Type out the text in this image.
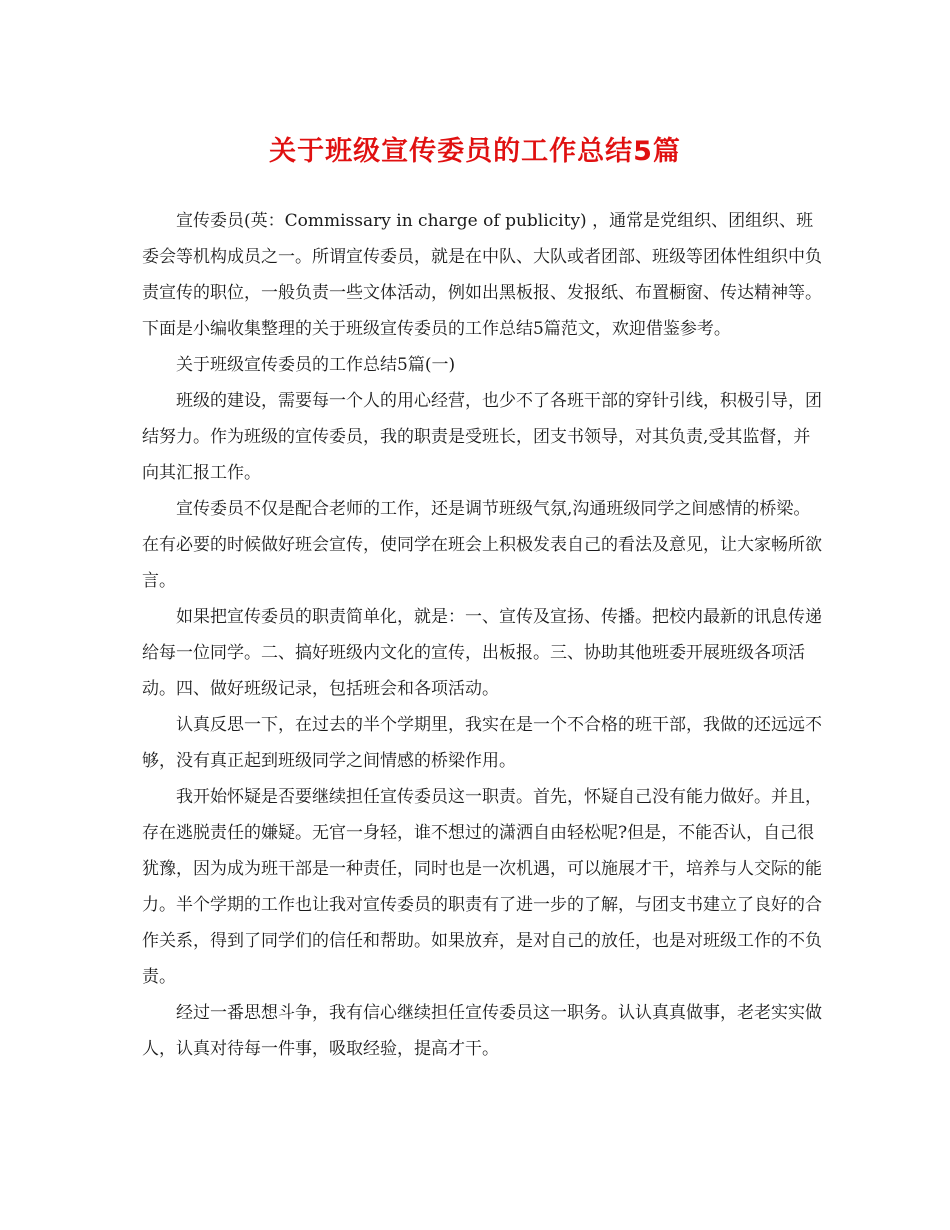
关于班级宣传委员的工作总结5篇

宣传委员(英：Commissary in charge of publicity) ，通常是党组织、团组织、班委会等机构成员之一。所谓宣传委员，就是在中队、大队或者团部、班级等团体性组织中负责宣传的职位，一般负责一些文体活动，例如出黑板报、发报纸、布置橱窗、传达精神等。下面是小编收集整理的关于班级宣传委员的工作总结5篇范文，欢迎借鉴参考。

关于班级宣传委员的工作总结5篇(一)

班级的建设，需要每一个人的用心经营，也少不了各班干部的穿针引线，积极引导，团结努力。作为班级的宣传委员，我的职责是受班长，团支书领导，对其负责,受其监督，并向其汇报工作。

宣传委员不仅是配合老师的工作，还是调节班级气氛,沟通班级同学之间感情的桥梁。在有必要的时候做好班会宣传，使同学在班会上积极发表自己的看法及意见，让大家畅所欲言。

如果把宣传委员的职责简单化，就是：一、宣传及宣扬、传播。把校内最新的讯息传递给每一位同学。二、搞好班级内文化的宣传，出板报。三、协助其他班委开展班级各项活动。四、做好班级记录，包括班会和各项活动。

认真反思一下，在过去的半个学期里，我实在是一个不合格的班干部，我做的还远远不够，没有真正起到班级同学之间情感的桥梁作用。

我开始怀疑是否要继续担任宣传委员这一职责。首先，怀疑自己没有能力做好。并且，存在逃脱责任的嫌疑。无官一身轻，谁不想过的潇洒自由轻松呢?但是，不能否认，自己很犹豫，因为成为班干部是一种责任，同时也是一次机遇，可以施展才干，培养与人交际的能力。半个学期的工作也让我对宣传委员的职责有了进一步的了解，与团支书建立了良好的合作关系，得到了同学们的信任和帮助。如果放弃，是对自己的放任，也是对班级工作的不负责。

经过一番思想斗争，我有信心继续担任宣传委员这一职务。认认真真做事，老老实实做人，认真对待每一件事，吸取经验，提高才干。
